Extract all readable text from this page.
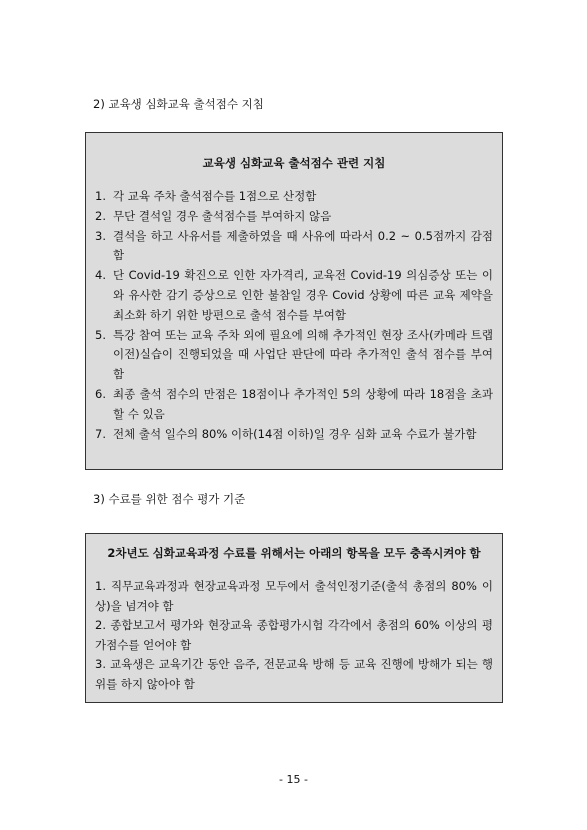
2) 교육생 심화교육 출석점수 지침
교육생 심화교육 출석점수 관련 지침
1. 각 교육 주차 출석점수를 1점으로 산정함
2. 무단 결석일 경우 출석점수를 부여하지 않음
3. 결석을 하고 사유서를 제출하였을 때 사유에 따라서 0.2 ~ 0.5점까지 감점함
4. 단 Covid-19 확진으로 인한 자가격리, 교육전 Covid-19 의심증상 또는 이와 유사한 감기 증상으로 인한 불참일 경우 Covid 상황에 따른 교육 제약을 최소화 하기 위한 방편으로 출석 점수를 부여함
5. 특강 참여 또는 교육 주차 외에 필요에 의해 추가적인 현장 조사(카메라 트랩 이전)실습이 진행되었을 때 사업단 판단에 따라 추가적인 출석 점수를 부여함
6. 최종 출석 점수의 만점은 18점이나 추가적인 5의 상황에 따라 18점을 초과할 수 있음
7. 전체 출석 일수의 80% 이하(14점 이하)일 경우 심화 교육 수료가 불가함
3) 수료를 위한 점수 평가 기준
2차년도 심화교육과정 수료를 위해서는 아래의 항목을 모두 충족시켜야 함
1. 직무교육과정과 현장교육과정 모두에서 출석인정기준(출석 총점의 80% 이상)을 넘겨야 함
2. 종합보고서 평가와 현장교육 종합평가시험 각각에서 총점의 60% 이상의 평가점수를 얻어야 함
3. 교육생은 교육기간 동안 음주, 전문교육 방해 등 교육 진행에 방해가 되는 행위를 하지 않아야 함
- 15 -
